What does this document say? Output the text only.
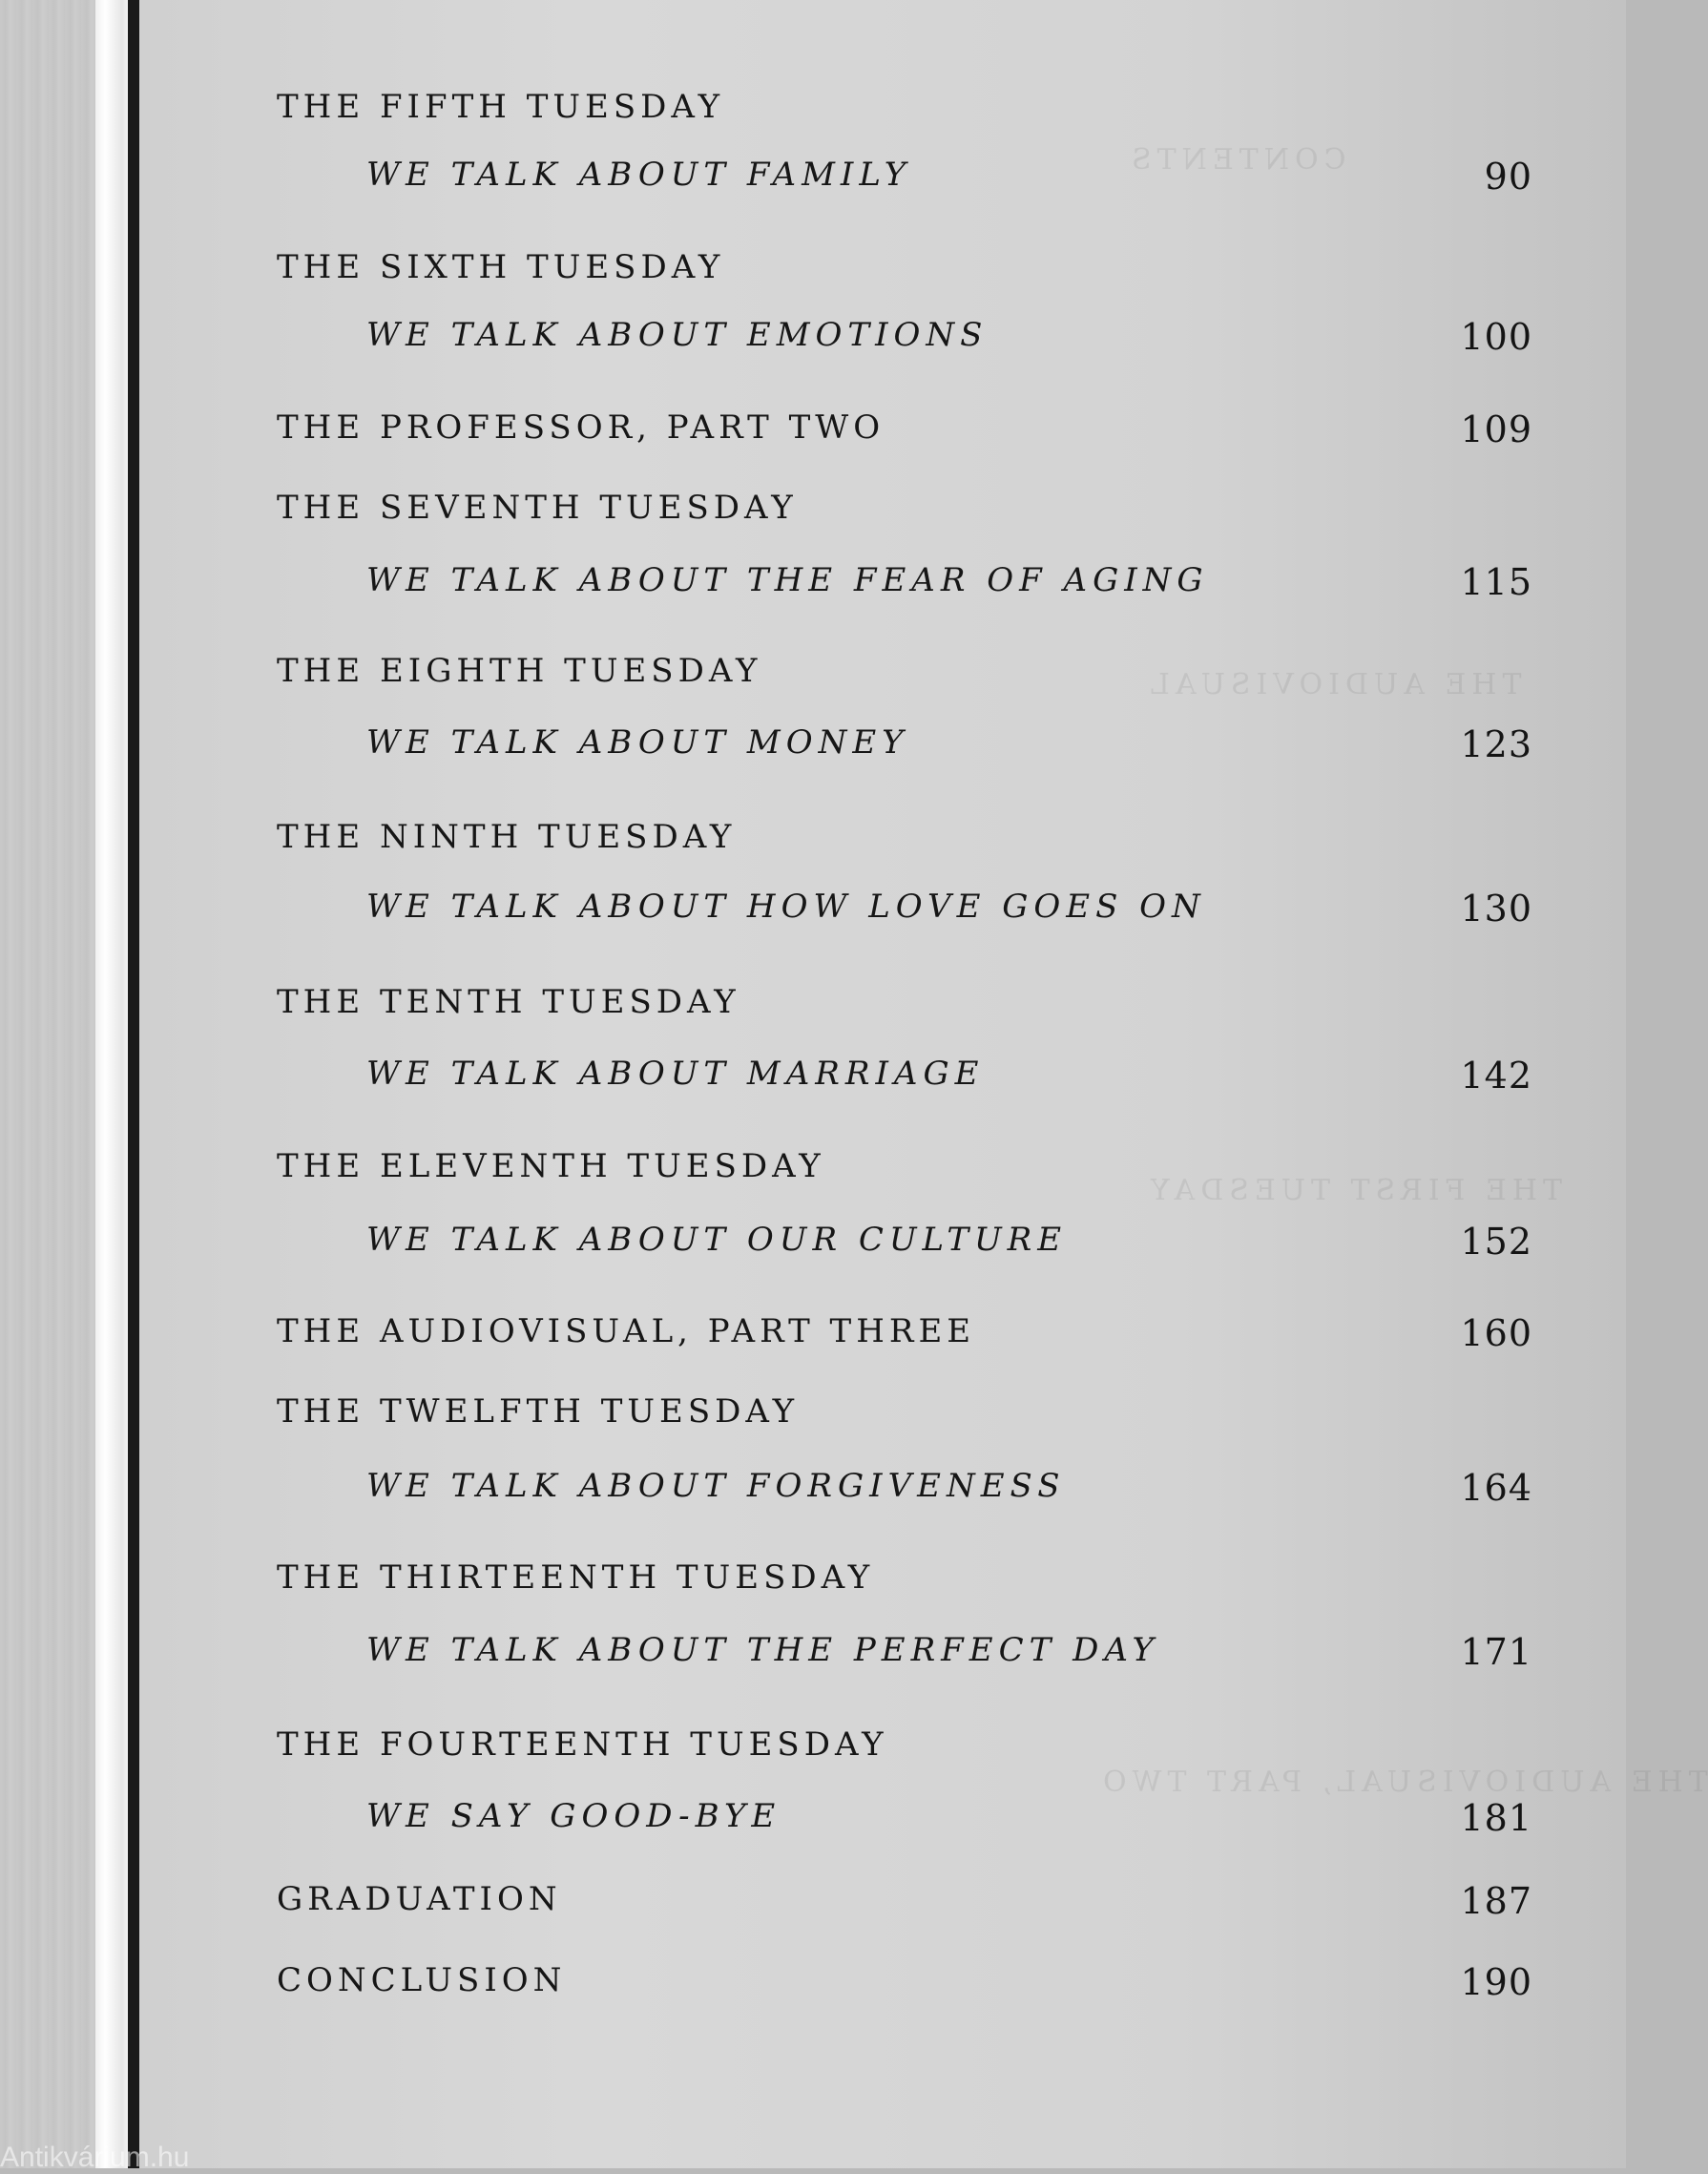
CONTENTS
THE AUDIOVISUAL
THE FIRST TUESDAY
THE AUDIOVISUAL, PART TWO
THE FIFTH TUESDAY
WE TALK ABOUT FAMILY	90
THE SIXTH TUESDAY
WE TALK ABOUT EMOTIONS	100
THE PROFESSOR, PART TWO	109
THE SEVENTH TUESDAY
WE TALK ABOUT THE FEAR OF AGING	115
THE EIGHTH TUESDAY
WE TALK ABOUT MONEY	123
THE NINTH TUESDAY
WE TALK ABOUT HOW LOVE GOES ON	130
THE TENTH TUESDAY
WE TALK ABOUT MARRIAGE	142
THE ELEVENTH TUESDAY
WE TALK ABOUT OUR CULTURE	152
THE AUDIOVISUAL, PART THREE	160
THE TWELFTH TUESDAY
WE TALK ABOUT FORGIVENESS	164
THE THIRTEENTH TUESDAY
WE TALK ABOUT THE PERFECT DAY	171
THE FOURTEENTH TUESDAY
WE SAY GOOD-BYE	181
GRADUATION	187
CONCLUSION	190
Antikvárium.hu
